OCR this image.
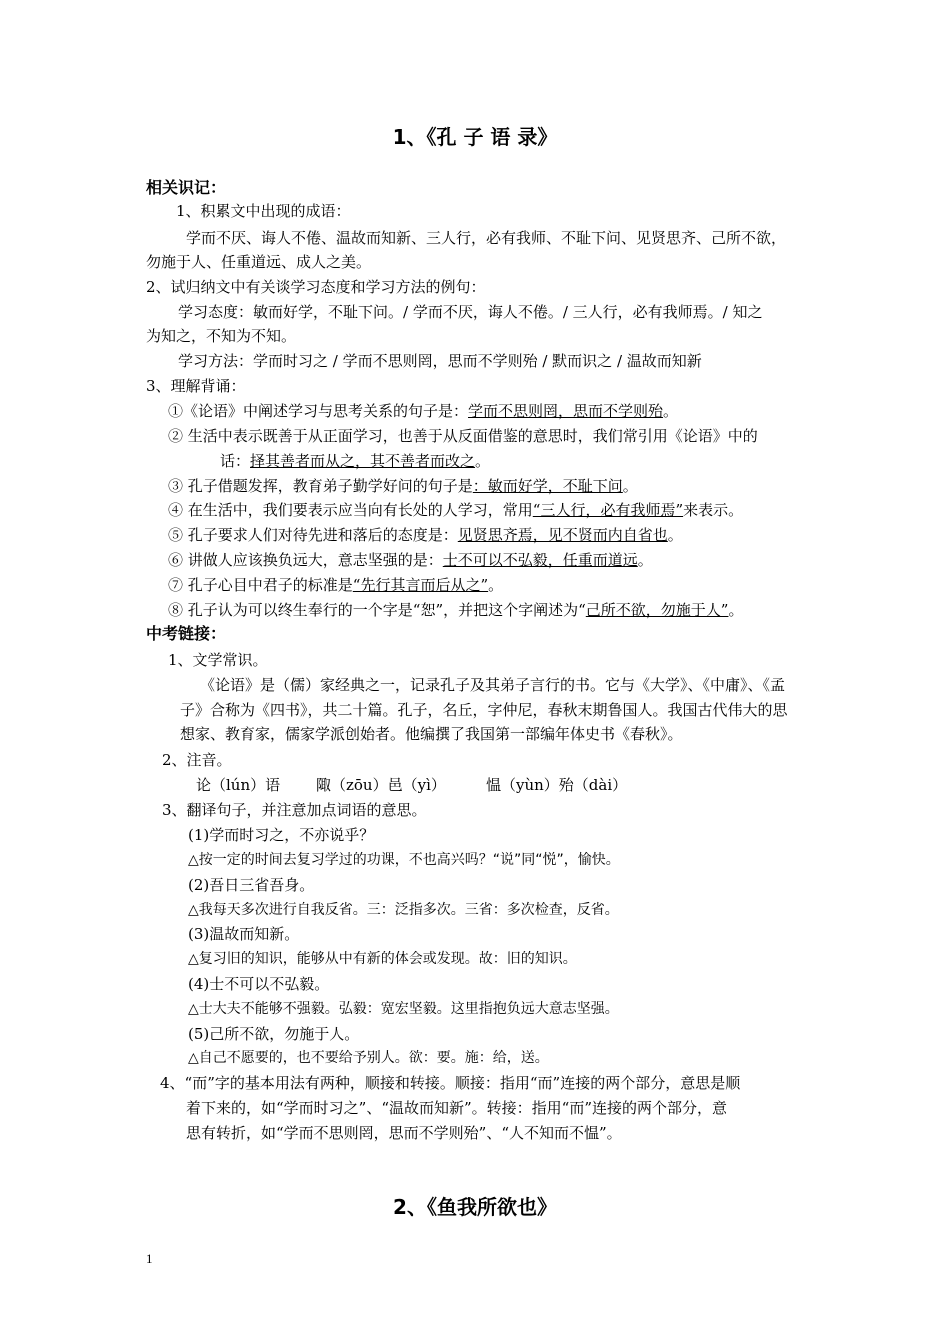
1、《孔 子 语 录》
相关识记：
1、积累文中出现的成语：
学而不厌、诲人不倦、温故而知新、三人行，必有我师、不耻下问、见贤思齐、己所不欲，
勿施于人、任重道远、成人之美。
2、试归纳文中有关谈学习态度和学习方法的例句：
学习态度：敏而好学，不耻下问。/ 学而不厌，诲人不倦。/ 三人行，必有我师焉。/ 知之
为知之，不知为不知。
学习方法：学而时习之 / 学而不思则罔，思而不学则殆 / 默而识之 / 温故而知新
3、理解背诵：
①《论语》中阐述学习与思考关系的句子是：学而不思则罔，思而不学则殆。
② 生活中表示既善于从正面学习，也善于从反面借鉴的意思时，我们常引用《论语》中的
话：择其善者而从之，其不善者而改之。
③ 孔子借题发挥，教育弟子勤学好问的句子是：敏而好学，不耻下问。
④ 在生活中，我们要表示应当向有长处的人学习，常用“三人行，必有我师焉”来表示。
⑤ 孔子要求人们对待先进和落后的态度是：见贤思齐焉，见不贤而内自省也。
⑥ 讲做人应该换负远大，意志坚强的是：士不可以不弘毅，任重而道远。
⑦ 孔子心目中君子的标准是“先行其言而后从之”。
⑧ 孔子认为可以终生奉行的一个字是“恕”，并把这个字阐述为“己所不欲，勿施于人”。
中考链接：
1、文学常识。
《论语》是（儒）家经典之一，记录孔子及其弟子言行的书。它与《大学》、《中庸》、《孟
子》合称为《四书》，共二十篇。孔子，名丘，字仲尼，春秋末期鲁国人。我国古代伟大的思
想家、教育家，儒家学派创始者。他编撰了我国第一部编年体史书《春秋》。
2、注音。
论（lún）语 陬（zōu）邑（yì）	愠（yùn）殆（dài）
3、翻译句子，并注意加点词语的意思。
(1)学而时习之，不亦说乎？
△按一定的时间去复习学过的功课，不也高兴吗？“说”同“悦”，愉快。
(2)吾日三省吾身。
△我每天多次进行自我反省。三：泛指多次。三省：多次检查，反省。
(3)温故而知新。
△复习旧的知识，能够从中有新的体会或发现。故：旧的知识。
(4)士不可以不弘毅。
△士大夫不能够不强毅。弘毅：宽宏坚毅。这里指抱负远大意志坚强。
(5)己所不欲，勿施于人。
△自己不愿要的，也不要给予别人。欲：要。施：给，送。
4、“而”字的基本用法有两种，顺接和转接。顺接：指用“而”连接的两个部分，意思是顺
着下来的，如“学而时习之”、“温故而知新”。转接：指用“而”连接的两个部分，意
思有转折，如“学而不思则罔，思而不学则殆”、“人不知而不愠”。
2、《鱼我所欲也》
1
